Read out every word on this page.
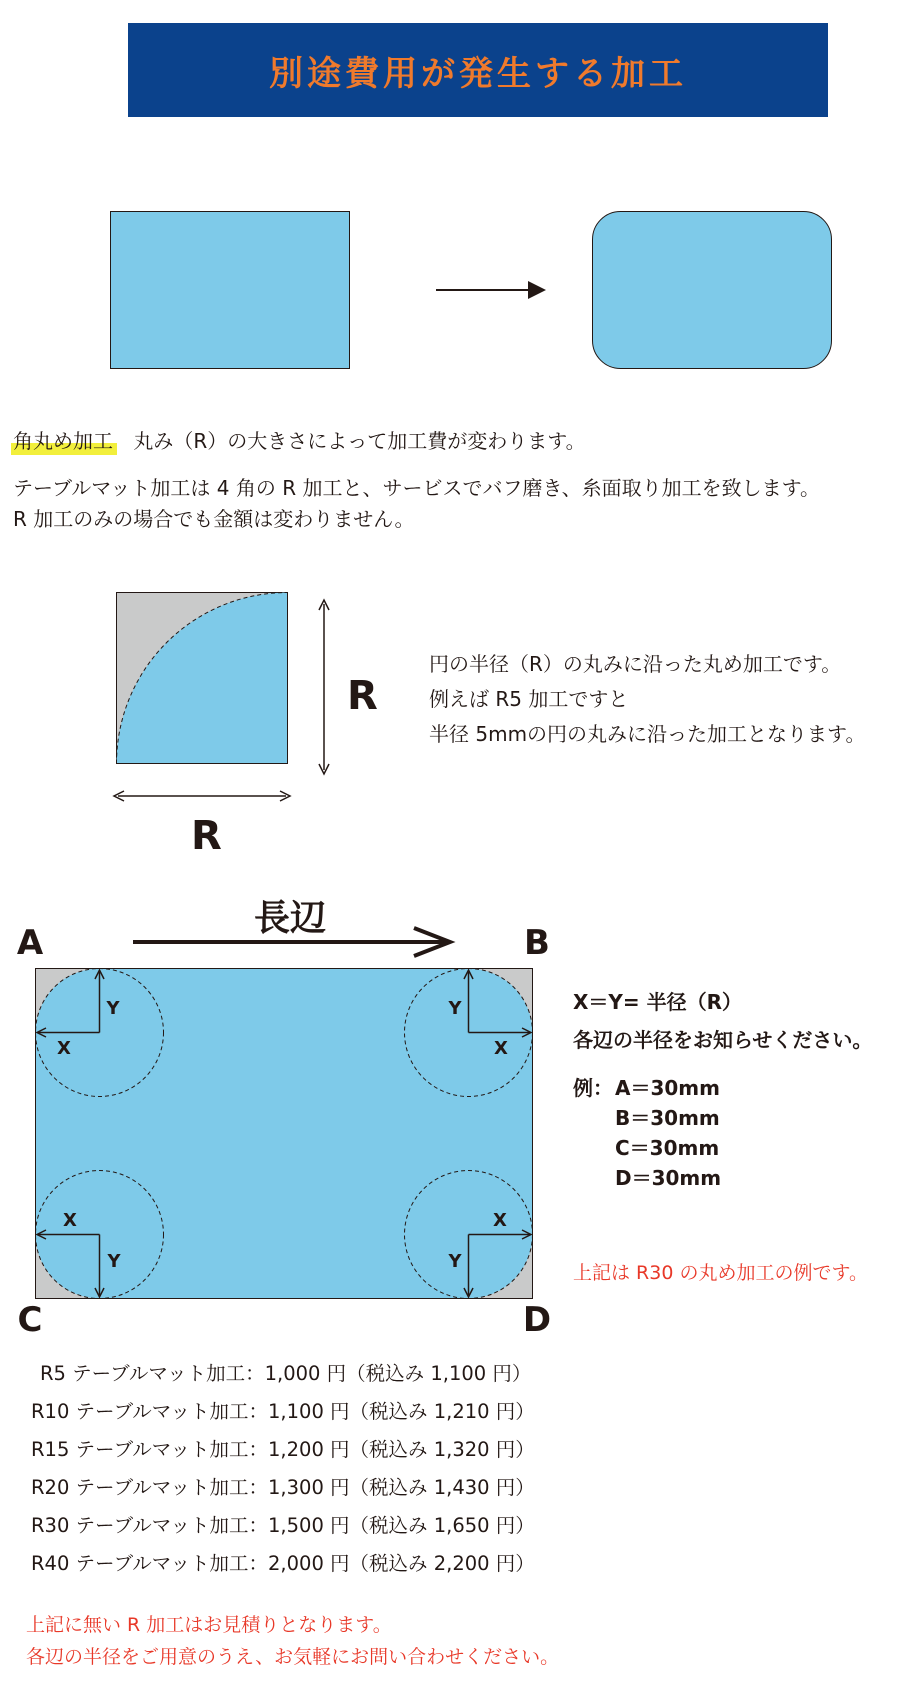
別途費用が発生する加工
角丸め加工 丸み（R）の大きさによって加工費が変わります。
テーブルマット加工は 4 角の R 加工と、サービスでバフ磨き、糸面取り加工を致します。
R 加工のみの場合でも金額は変わりません。
R
R
円の半径（R）の丸みに沿った丸め加工です。
例えば R5 加工ですと
半径 5mmの円の丸みに沿った加工となります。
長辺
A	B
C	D
Y
X
Y
X
X
Y
X
Y
X＝Y= 半径（R）
各辺の半径をお知らせください。
例： A＝30mm
B＝30mm
C＝30mm
D＝30mm
上記は R30 の丸め加工の例です。
R5 テーブルマット加工：1,000 円（税込み 1,100 円）
R10 テーブルマット加工：1,100 円（税込み 1,210 円）
R15 テーブルマット加工：1,200 円（税込み 1,320 円）
R20 テーブルマット加工：1,300 円（税込み 1,430 円）
R30 テーブルマット加工：1,500 円（税込み 1,650 円）
R40 テーブルマット加工：2,000 円（税込み 2,200 円）
上記に無い R 加工はお見積りとなります。
各辺の半径をご用意のうえ、お気軽にお問い合わせください。
